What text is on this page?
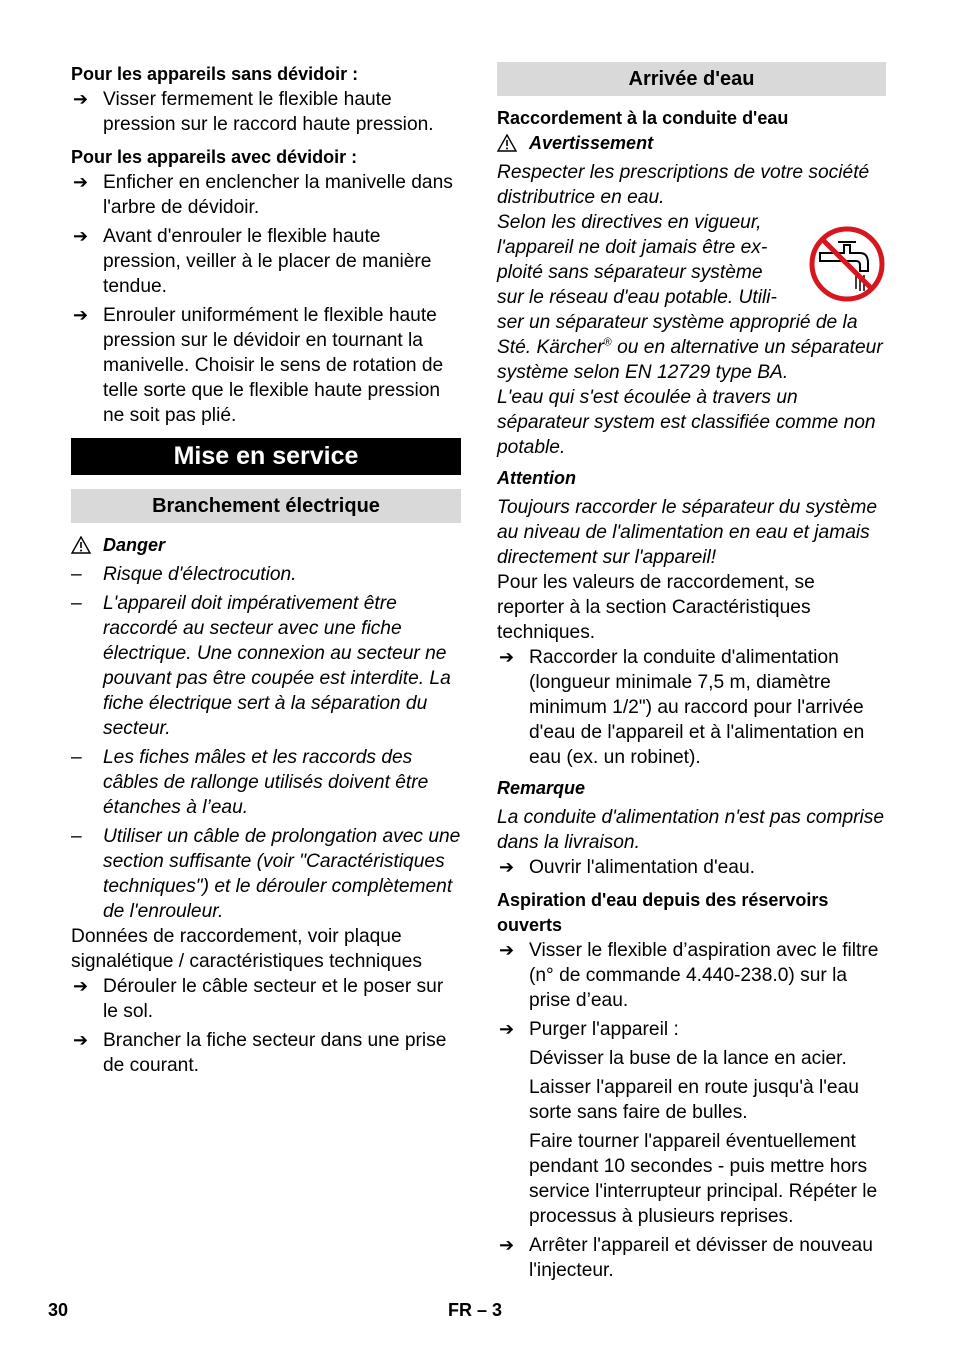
Pour les appareils sans dévidoir :
➔ Visser fermement le flexible haute pression sur le raccord haute pression.
Pour les appareils avec dévidoir :
➔ Enficher en enclencher la manivelle dans l'arbre de dévidoir.
➔ Avant d'enrouler le flexible haute pression, veiller à le placer de manière tendue.
➔ Enrouler uniformément le flexible haute pression sur le dévidoir en tournant la manivelle. Choisir le sens de rotation de telle sorte que le flexible haute pression ne soit pas plié.
Mise en service
Branchement électrique
Danger
– Risque d'électrocution.
– L'appareil doit impérativement être raccordé au secteur avec une fiche électrique. Une connexion au secteur ne pouvant pas être coupée est interdite. La fiche électrique sert à la séparation du secteur.
– Les fiches mâles et les raccords des câbles de rallonge utilisés doivent être étanches à l’eau.
– Utiliser un câble de prolongation avec une section suffisante (voir "Caractéristiques techniques") et le dérouler complètement de l'enrouleur.
Données de raccordement, voir plaque signalétique / caractéristiques techniques
➔ Dérouler le câble secteur et le poser sur le sol.
➔ Brancher la fiche secteur dans une prise de courant.
Arrivée d'eau
Raccordement à la conduite d'eau
Avertissement
Respecter les prescriptions de votre société distributrice en eau.
Selon les directives en vigueur,
l'appareil ne doit jamais être ex-
ploité sans séparateur système
sur le réseau d'eau potable. Utili-
ser un séparateur système approprié de la Sté. Kärcher® ou en alternative un séparateur système selon EN 12729 type BA.
L'eau qui s'est écoulée à travers un séparateur system est classifiée comme non potable.
Attention
Toujours raccorder le séparateur du système au niveau de l'alimentation en eau et jamais directement sur l'appareil!
Pour les valeurs de raccordement, se reporter à la section Caractéristiques techniques.
➔ Raccorder la conduite d'alimentation (longueur minimale 7,5 m, diamètre minimum 1/2") au raccord pour l'arrivée d'eau de l'appareil et à l'alimentation en eau (ex. un robinet).
Remarque
La conduite d'alimentation n'est pas comprise dans la livraison.
➔ Ouvrir l'alimentation d'eau.
Aspiration d'eau depuis des réservoirs ouverts
➔ Visser le flexible d’aspiration avec le filtre (n° de commande 4.440-238.0) sur la prise d’eau.
➔ Purger l'appareil :
Dévisser la buse de la lance en acier.
Laisser l'appareil en route jusqu'à l'eau sorte sans faire de bulles.
Faire tourner l'appareil éventuellement pendant 10 secondes - puis mettre hors service l'interrupteur principal. Répéter le processus à plusieurs reprises.
➔ Arrêter l'appareil et dévisser de nouveau l'injecteur.
30	FR – 3
